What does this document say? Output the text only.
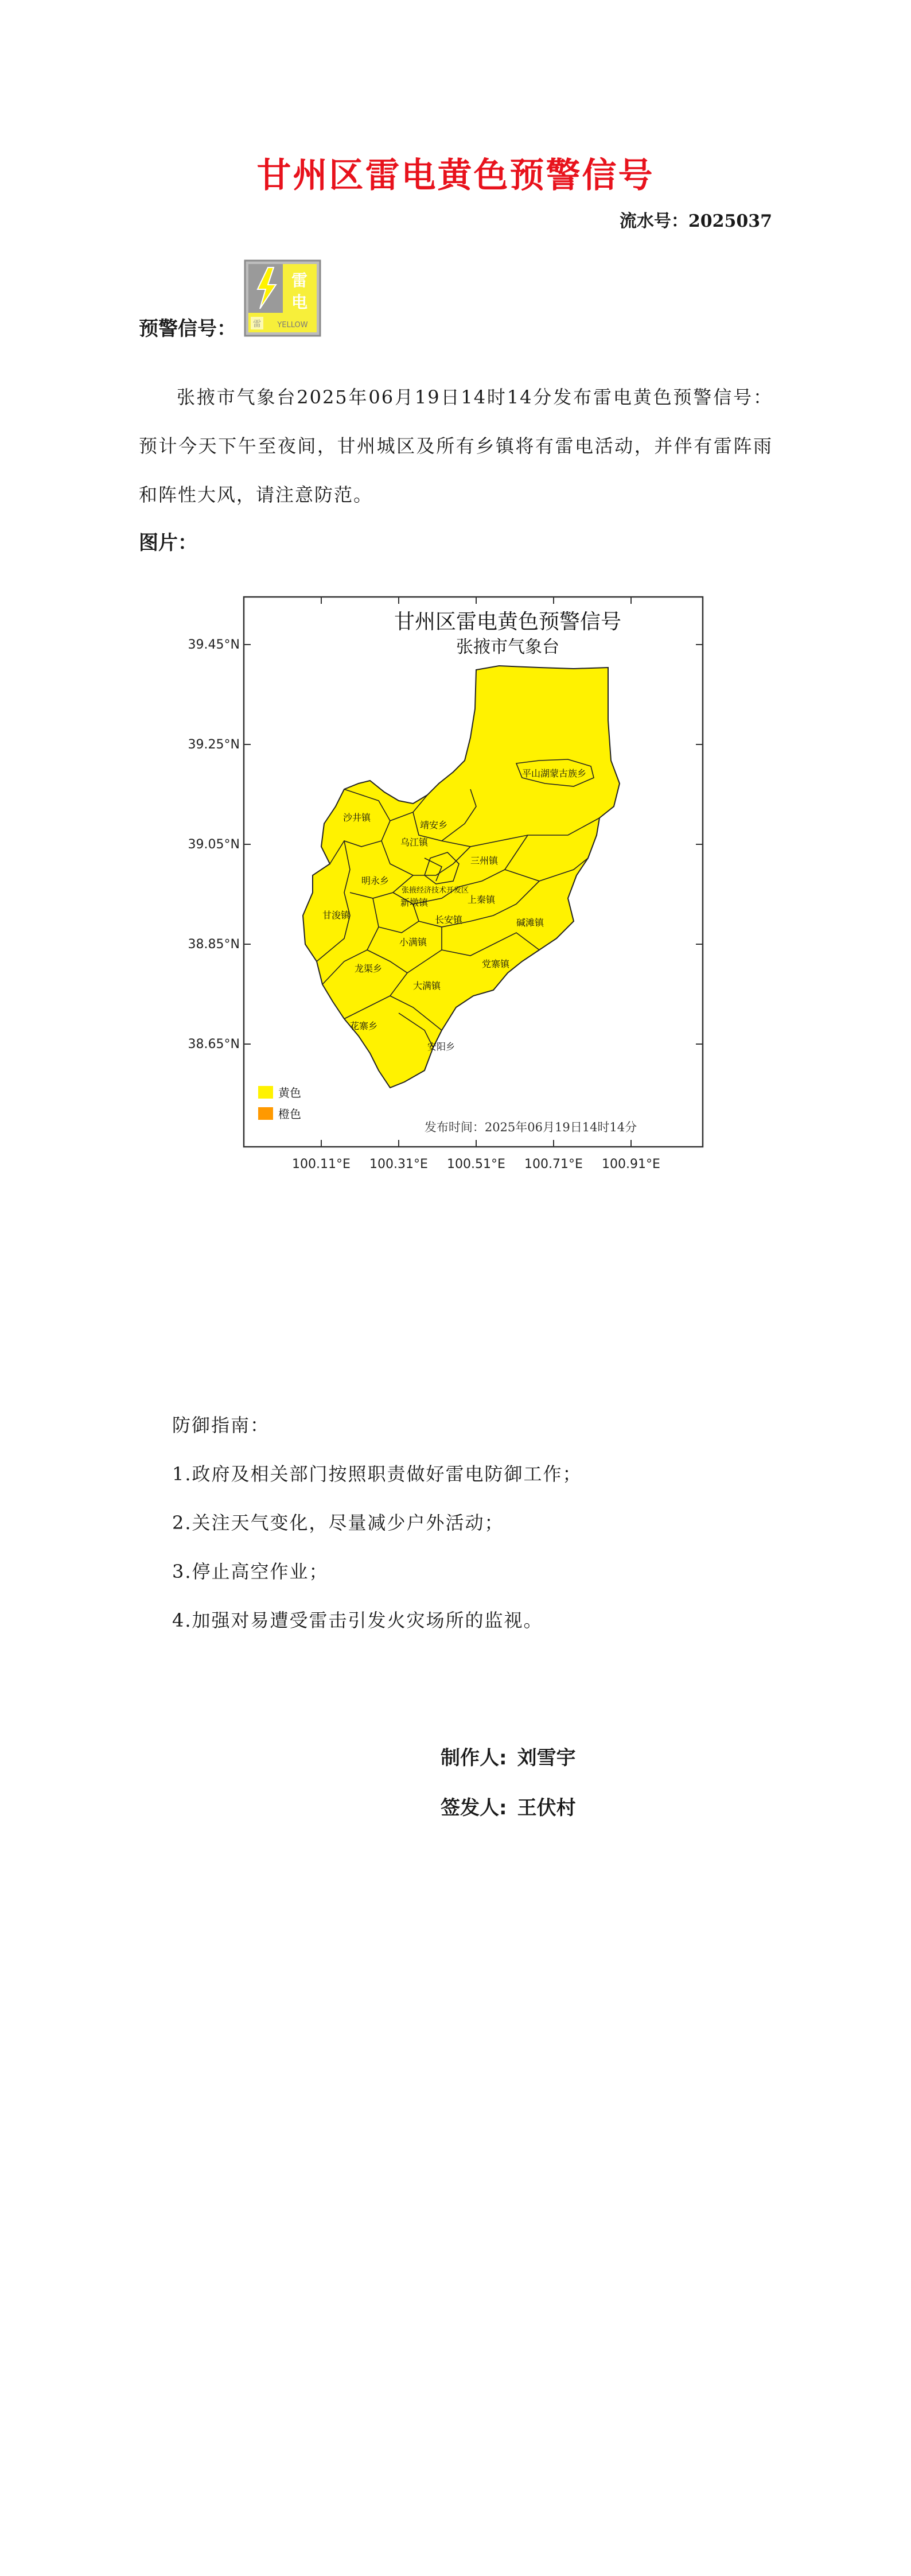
甘州区雷电黄色预警信号
流水号：2025037
预警信号：
雷
电
雷 YELLOW
张掖市气象台2025年06月19日14时14分发布雷电黄色预警信号：预计今天下午至夜间，甘州城区及所有乡镇将有雷电活动，并伴有雷阵雨和阵性大风，请注意防范。
图片：
甘州区雷电黄色预警信号
张掖市气象台
39.45°N
39.25°N
39.05°N
38.85°N
38.65°N
100.11°E 100.31°E 100.51°E 100.71°E 100.91°E
平山湖蒙古族乡
沙井镇
靖安乡
乌江镇
三州镇
明永乡
张掖经济技术开发区
新墩镇	上秦镇
长安镇	碱滩镇
甘浚镇
小满镇
党寨镇
龙渠乡
大满镇
花寨乡
安阳乡
黄色
橙色
发布时间：2025年06月19日14时14分
防御指南：
1.政府及相关部门按照职责做好雷电防御工作；
2.关注天气变化，尽量减少户外活动；
3.停止高空作业；
4.加强对易遭受雷击引发火灾场所的监视。
制作人: 刘雪宇
签发人: 王伏村
